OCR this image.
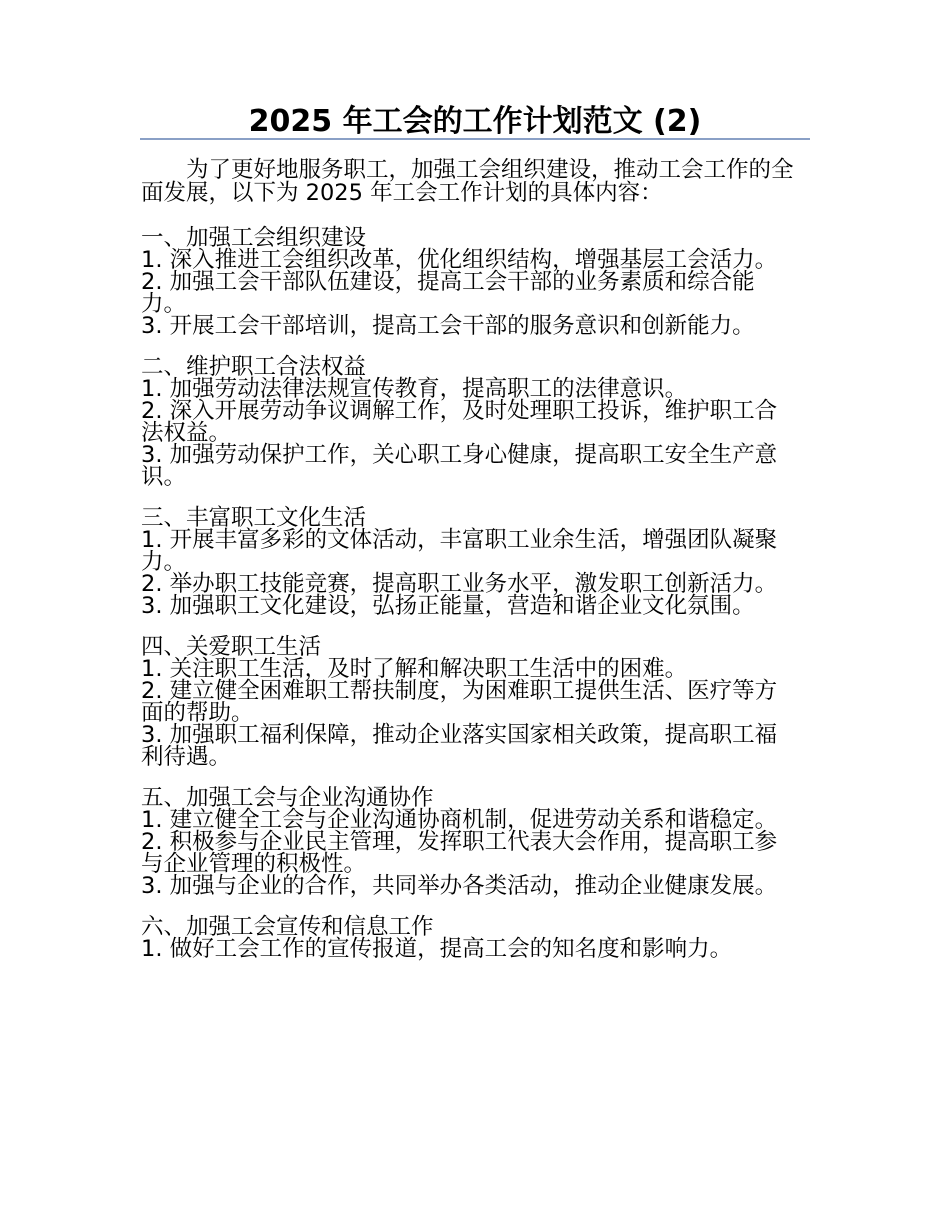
2025 年工会的工作计划范文 (2)
为了更好地服务职工，加强工会组织建设，推动工会工作的全面发展，以下为 2025 年工会工作计划的具体内容：
一、加强工会组织建设
1. 深入推进工会组织改革，优化组织结构，增强基层工会活力。
2. 加强工会干部队伍建设，提高工会干部的业务素质和综合能力。
3. 开展工会干部培训，提高工会干部的服务意识和创新能力。
二、维护职工合法权益
1. 加强劳动法律法规宣传教育，提高职工的法律意识。
2. 深入开展劳动争议调解工作，及时处理职工投诉，维护职工合法权益。
3. 加强劳动保护工作，关心职工身心健康，提高职工安全生产意识。
三、丰富职工文化生活
1. 开展丰富多彩的文体活动，丰富职工业余生活，增强团队凝聚力。
2. 举办职工技能竞赛，提高职工业务水平，激发职工创新活力。
3. 加强职工文化建设，弘扬正能量，营造和谐企业文化氛围。
四、关爱职工生活
1. 关注职工生活，及时了解和解决职工生活中的困难。
2. 建立健全困难职工帮扶制度，为困难职工提供生活、医疗等方面的帮助。
3. 加强职工福利保障，推动企业落实国家相关政策，提高职工福利待遇。
五、加强工会与企业沟通协作
1. 建立健全工会与企业沟通协商机制，促进劳动关系和谐稳定。
2. 积极参与企业民主管理，发挥职工代表大会作用，提高职工参与企业管理的积极性。
3. 加强与企业的合作，共同举办各类活动，推动企业健康发展。
六、加强工会宣传和信息工作
1. 做好工会工作的宣传报道，提高工会的知名度和影响力。
